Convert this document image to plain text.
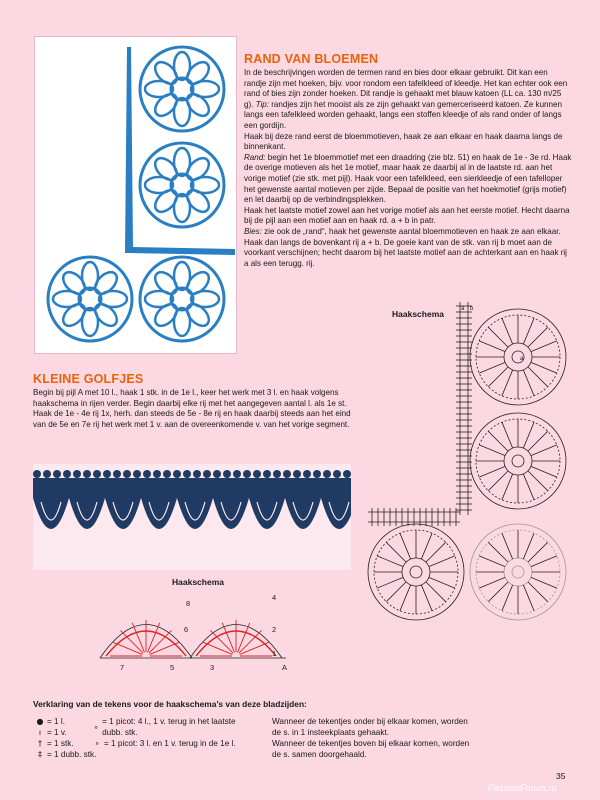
RAND VAN BLOEMEN

In de beschrijvingen worden de termen rand en bies door elkaar gebruikt. Dit kan een randje zijn met hoeken, bijv. voor rondom een tafelkleed of kleedje. Het kan echter ook een rand of bies zijn zonder hoeken. Dit randje is gehaakt met blauw katoen (LL ca. 130 m/25 g). Tip: randjes zijn het mooist als ze zijn gehaakt van gemerceriseerd katoen. Ze kunnen langs een tafelkleed worden gehaakt, langs een stoffen kleedje of als rand onder of langs een gordijn.

Haak bij deze rand eerst de bloemmotieven, haak ze aan elkaar en haak daarna langs de binnenkant.

Rand: begin het 1e bloemmotief met een draadring (zie blz. 51) en haak de 1e - 3e rd. Haak de overige motieven als het 1e motief, maar haak ze daarbij al in de laatste rd. aan het vorige motief (zie stk. met pijl). Haak voor een tafelkleed, een sierkleedje of een tafelloper het gewenste aantal motieven per zijde. Bepaal de positie van het hoekmotief (grijs motief) en let daarbij op de verbindingsplekken.

Haak het laatste motief zowel aan het vorige motief als aan het eerste motief. Hecht daarna bij de pijl aan een motief aan en haak rd. a + b in patr.

Bies: zie ook de „rand“, haak het gewenste aantal bloemmotieven en haak ze aan elkaar. Haak dan langs de bovenkant rij a + b. De goeie kant van de stk. van rij b moet aan de voorkant verschijnen; hecht daarom bij het laatste motief aan de achterkant aan en haak rij a als een terugg. rij.

Haakschema	a b
a
KLEINE GOLFJES

Begin bij pijl A met 10 l., haak 1 stk. in de 1e l., keer het werk met 3 l. en haak volgens haakschema in rijen verder. Begin daarbij elke rij met het aangegeven aantal l. als 1e st. Haak de 1e - 4e rij 1x, herh. dan steeds de 5e - 8e rij en haak daarbij steeds aan het eind van de 5e en 7e rij het werk met 1 v. aan de overeenkomende v. van het vorige segment.

Haakschema
1
2
3
4
5
6
7
8
A

Verklaring van de tekens voor de haakschema’s van deze bladzijden:

● = 1 l.
ı = 1 v.
† = 1 stk.
‡ = 1 dubb. stk.
∘
= 1 picot: 4 l., 1 v. terug in het laatste dubb. stk.
∘ = 1 picot: 3 l. en 1 v. terug in de 1e l.
Wanneer de tekentjes onder bij elkaar komen, worden de s. in 1 insteekplaats gehaakt.
Wanneer de tekentjes boven bij elkaar komen, worden de s. samen doorgehaald.
35
PassionForum.ru
